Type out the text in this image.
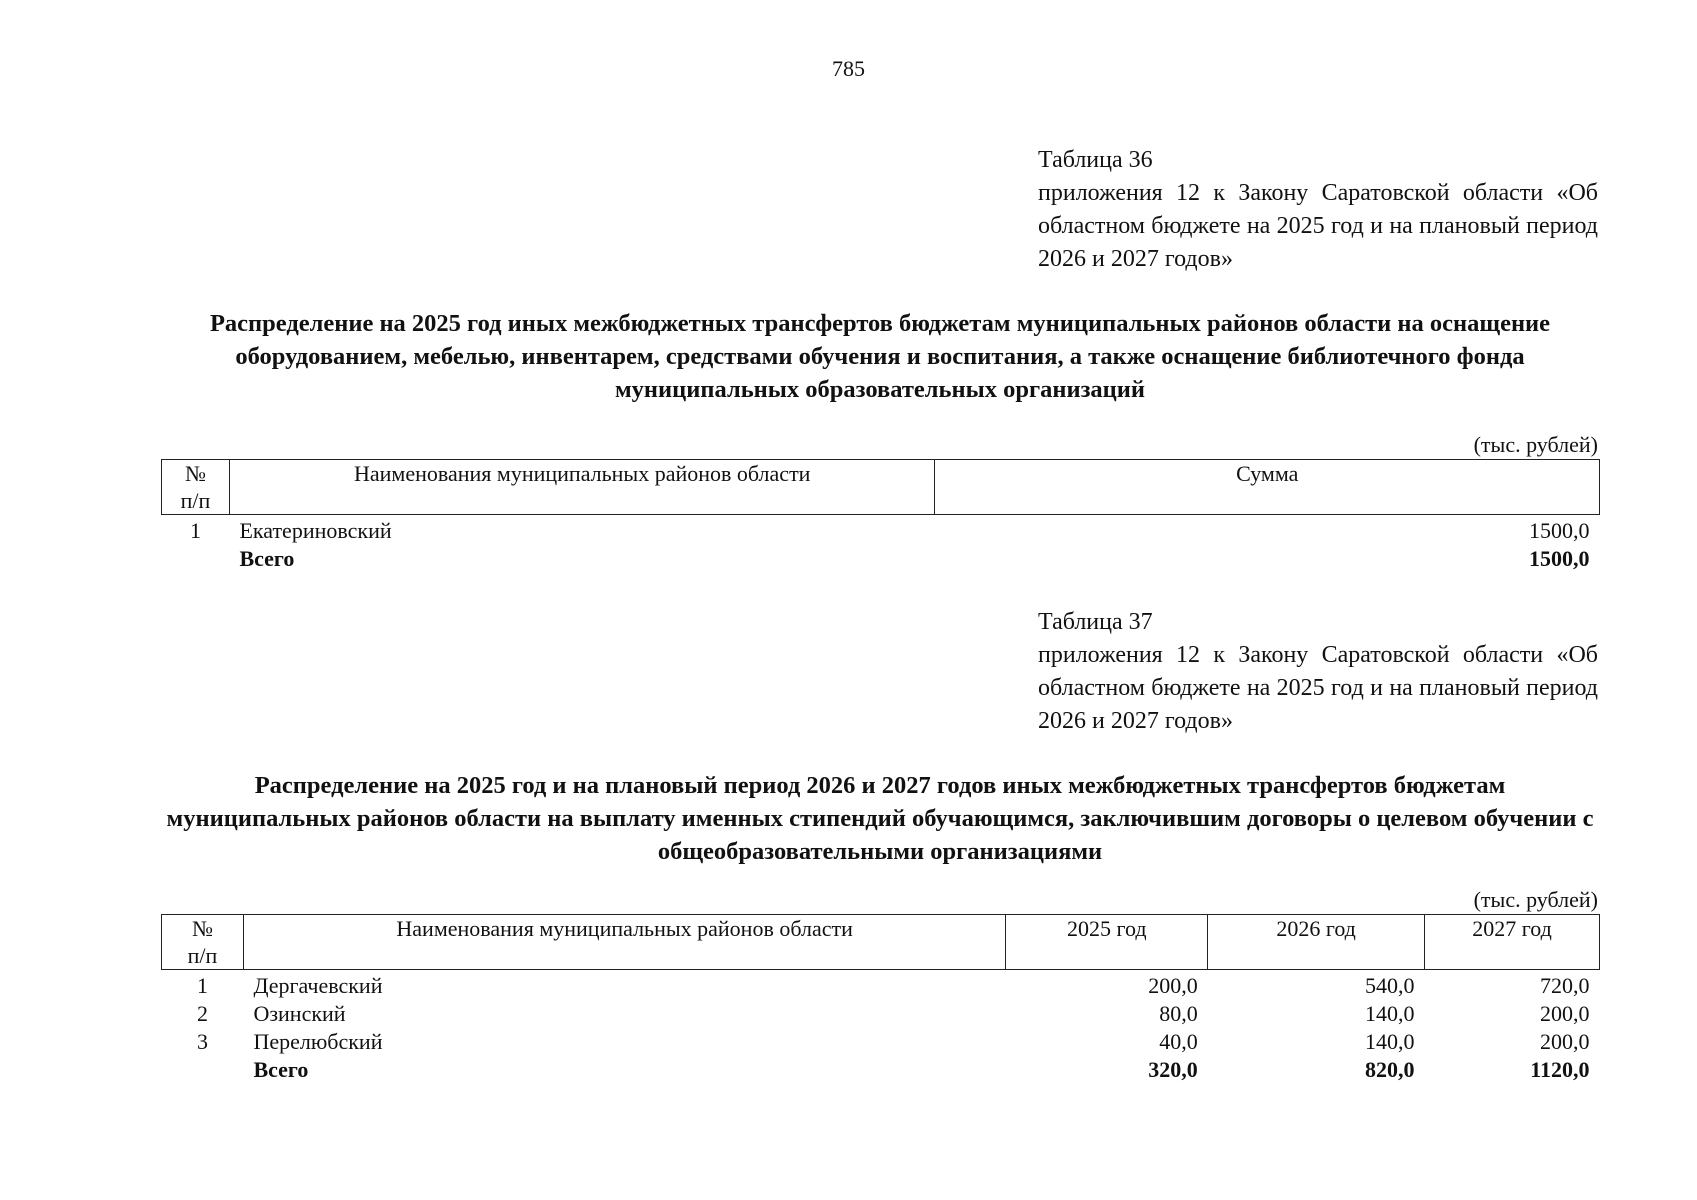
785
Таблица 36
приложения 12 к Закону Саратовской области «Об областном бюджете на 2025 год и на плановый период 2026 и 2027 годов»
Распределение на 2025 год иных межбюджетных трансфертов бюджетам муниципальных районов области на оснащение оборудованием, мебелью, инвентарем, средствами обучения и воспитания, а также оснащение библиотечного фонда муниципальных образовательных организаций
(тыс. рублей)
№
п/п	Наименования муниципальных районов области	Сумма
1	Екатериновский	1500,0
	Всего	1500,0
Таблица 37
приложения 12 к Закону Саратовской области «Об областном бюджете на 2025 год и на плановый период 2026 и 2027 годов»
Распределение на 2025 год и на плановый период 2026 и 2027 годов иных межбюджетных трансфертов бюджетам муниципальных районов области на выплату именных стипендий обучающимся, заключившим договоры о целевом обучении с общеобразовательными организациями
(тыс. рублей)
№
п/п	Наименования муниципальных районов области	2025 год	2026 год	2027 год
1	Дергачевский	200,0	540,0	720,0
2	Озинский	80,0	140,0	200,0
3	Перелюбский	40,0	140,0	200,0
	Всего	320,0	820,0	1120,0
